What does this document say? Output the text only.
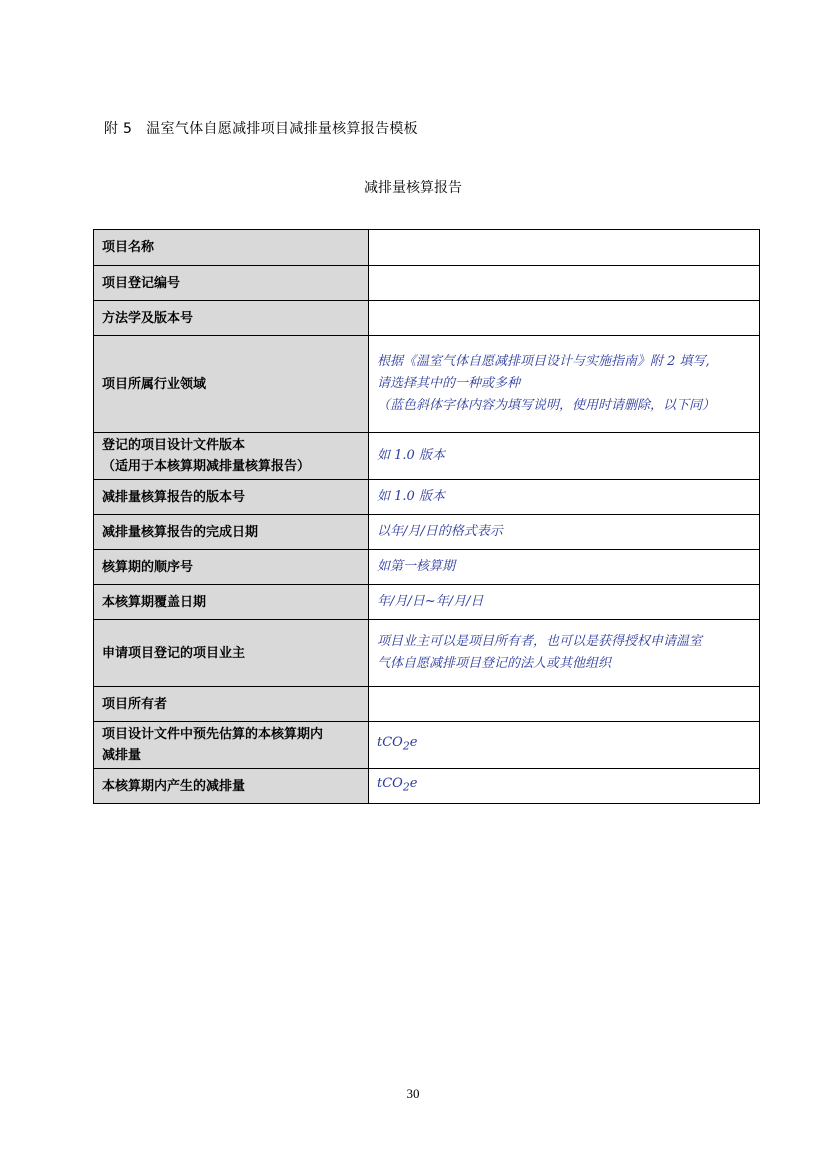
附 5 温室气体自愿减排项目减排量核算报告模板
减排量核算报告
项目名称	
项目登记编号	
方法学及版本号	
项目所属行业领域	根据《温室气体自愿减排项目设计与实施指南》附 2 填写,
请选择其中的一种或多种
（蓝色斜体字体内容为填写说明，使用时请删除，以下同）

登记的项目设计文件版本
（适用于本核算期减排量核算报告）	如 1.0 版本
减排量核算报告的版本号	如 1.0 版本
减排量核算报告的完成日期	以年/月/日的格式表示
核算期的顺序号	如第一核算期
本核算期覆盖日期	年/月/日~年/月/日
申请项目登记的项目业主	项目业主可以是项目所有者，也可以是获得授权申请温室
气体自愿减排项目登记的法人或其他组织

项目所有者	

项目设计文件中预先估算的本核算期内
减排量	tCO$_2$e
本核算期内产生的减排量	tCO$_2$e
30
